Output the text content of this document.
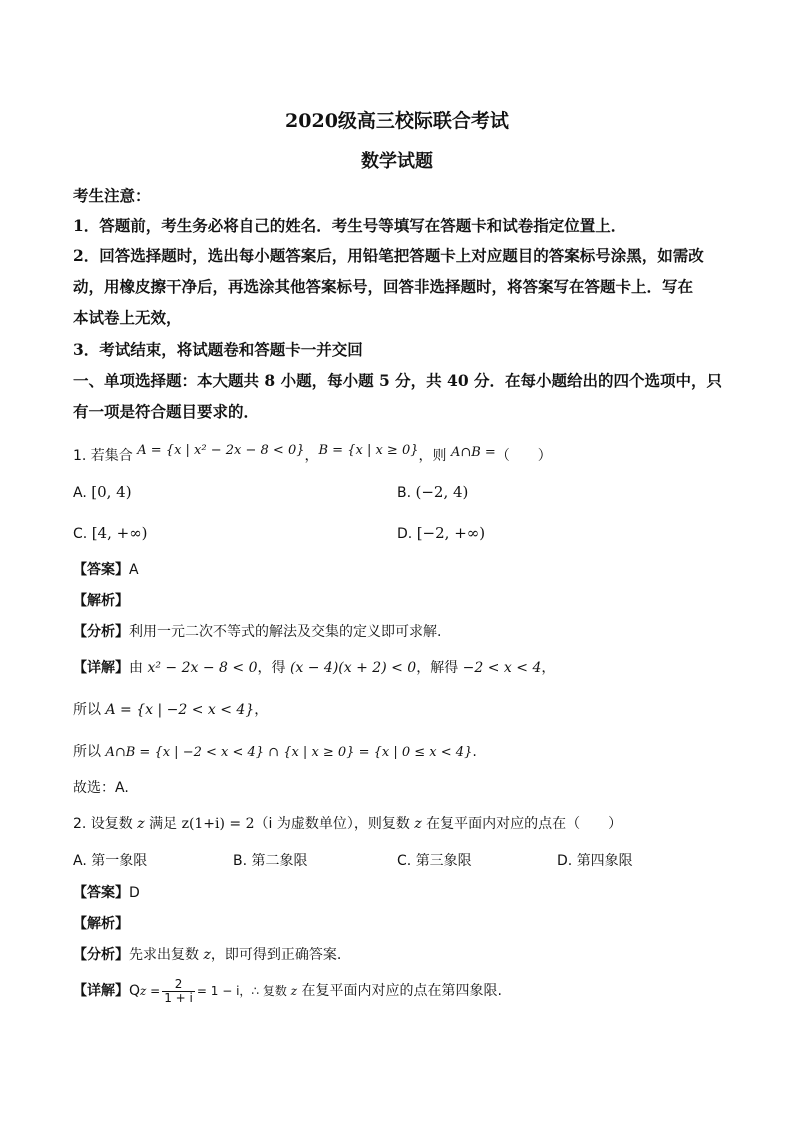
2020级高三校际联合考试
数学试题
考生注意：
1．答题前，考生务必将自己的姓名．考生号等填写在答题卡和试卷指定位置上．
2．回答选择题时，选出每小题答案后，用铅笔把答题卡上对应题目的答案标号涂黑，如需改
动，用橡皮擦干净后，再选涂其他答案标号，回答非选择题时，将答案写在答题卡上．写在
本试卷上无效，
3．考试结束，将试题卷和答题卡一并交回
一、单项选择题：本大题共 8 小题，每小题 5 分，共 40 分．在每小题给出的四个选项中，只
有一项是符合题目要求的．
1. 若集合 A = {x | x² − 2x − 8 < 0}，B = {x | x ≥ 0}，则 A∩B =（　　）
A. [0, 4)	B. (−2, 4)
C. [4, +∞)	D. [−2, +∞)
【答案】A
【解析】
【分析】利用一元二次不等式的解法及交集的定义即可求解.
【详解】由 x² − 2x − 8 < 0，得 (x − 4)(x + 2) < 0，解得 −2 < x < 4，
所以 A = {x | −2 < x < 4}，
所以 A∩B = {x | −2 < x < 4} ∩ {x | x ≥ 0} = {x | 0 ≤ x < 4}.
故选：A.
2. 设复数 z 满足 z(1+i) = 2（i 为虚数单位），则复数 z 在复平面内对应的点在（　　）
A. 第一象限	B. 第二象限	C. 第三象限	D. 第四象限
【答案】D
【解析】
【分析】先求出复数 z，即可得到正确答案.
【详解】$Qz = \frac{2}{1 + i} = 1 - i$，∴ 复数 z 在复平面内对应的点在第四象限.
